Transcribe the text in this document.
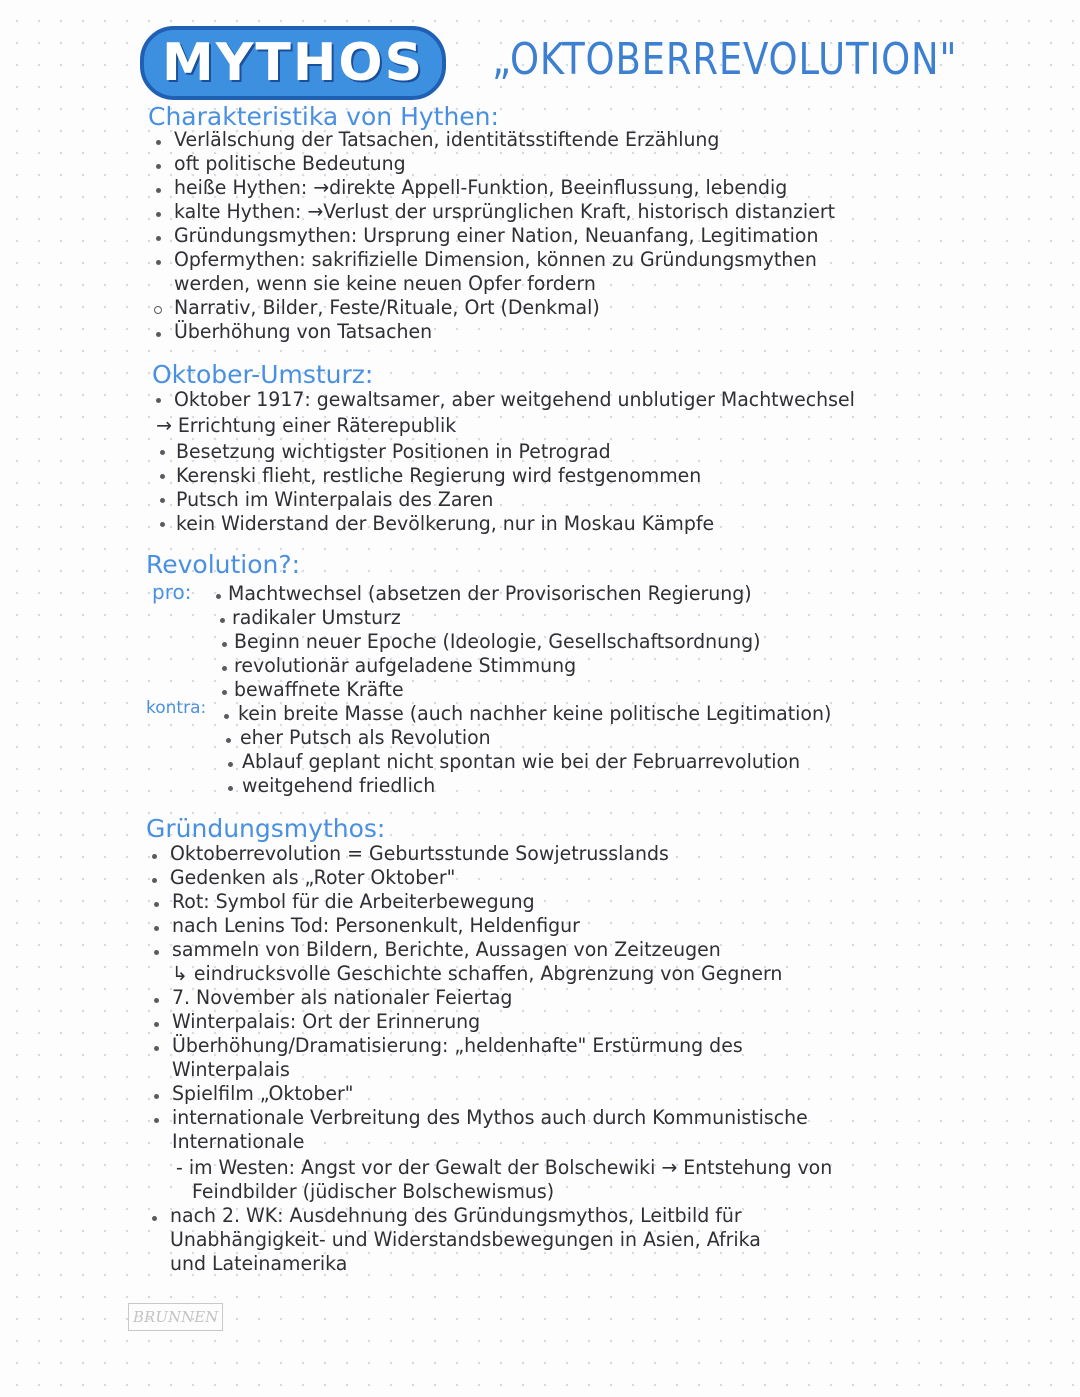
MYTHOS	„OKTOBERREVOLUTION"
Charakteristika von Hythen:
Verlälschung der Tatsachen, identitätsstiftende Erzählung
oft politische Bedeutung
heiße Hythen: →direkte Appell-Funktion, Beeinflussung, lebendig
kalte Hythen: →Verlust der ursprünglichen Kraft, historisch distanziert
Gründungsmythen: Ursprung einer Nation, Neuanfang, Legitimation
Opfermythen: sakrifizielle Dimension, können zu Gründungsmythen
werden, wenn sie keine neuen Opfer fordern
Narrativ, Bilder, Feste/Rituale, Ort (Denkmal)
Überhöhung von Tatsachen
Oktober-Umsturz:
Oktober 1917: gewaltsamer, aber weitgehend unblutiger Machtwechsel
→ Errichtung einer Räterepublik
Besetzung wichtigster Positionen in Petrograd
Kerenski flieht, restliche Regierung wird festgenommen
Putsch im Winterpalais des Zaren
kein Widerstand der Bevölkerung, nur in Moskau Kämpfe
Revolution?:
pro: Machtwechsel (absetzen der Provisorischen Regierung)
radikaler Umsturz
Beginn neuer Epoche (Ideologie, Gesellschaftsordnung)
revolutionär aufgeladene Stimmung
bewaffnete Kräfte
kontra: kein breite Masse (auch nachher keine politische Legitimation)
eher Putsch als Revolution
Ablauf geplant nicht spontan wie bei der Februarrevolution
weitgehend friedlich
Gründungsmythos:
Oktoberrevolution = Geburtsstunde Sowjetrusslands
Gedenken als „Roter Oktober"
Rot: Symbol für die Arbeiterbewegung
nach Lenins Tod: Personenkult, Heldenfigur
sammeln von Bildern, Berichte, Aussagen von Zeitzeugen
↳ eindrucksvolle Geschichte schaffen, Abgrenzung von Gegnern
7. November als nationaler Feiertag
Winterpalais: Ort der Erinnerung
Überhöhung/Dramatisierung: „heldenhafte" Erstürmung des
Winterpalais
Spielfilm „Oktober"
internationale Verbreitung des Mythos auch durch Kommunistische
Internationale
- im Westen: Angst vor der Gewalt der Bolschewiki → Entstehung von
Feindbilder (jüdischer Bolschewismus)
nach 2. WK: Ausdehnung des Gründungsmythos, Leitbild für
Unabhängigkeit- und Widerstandsbewegungen in Asien, Afrika
und Lateinamerika
BRUNNEN
